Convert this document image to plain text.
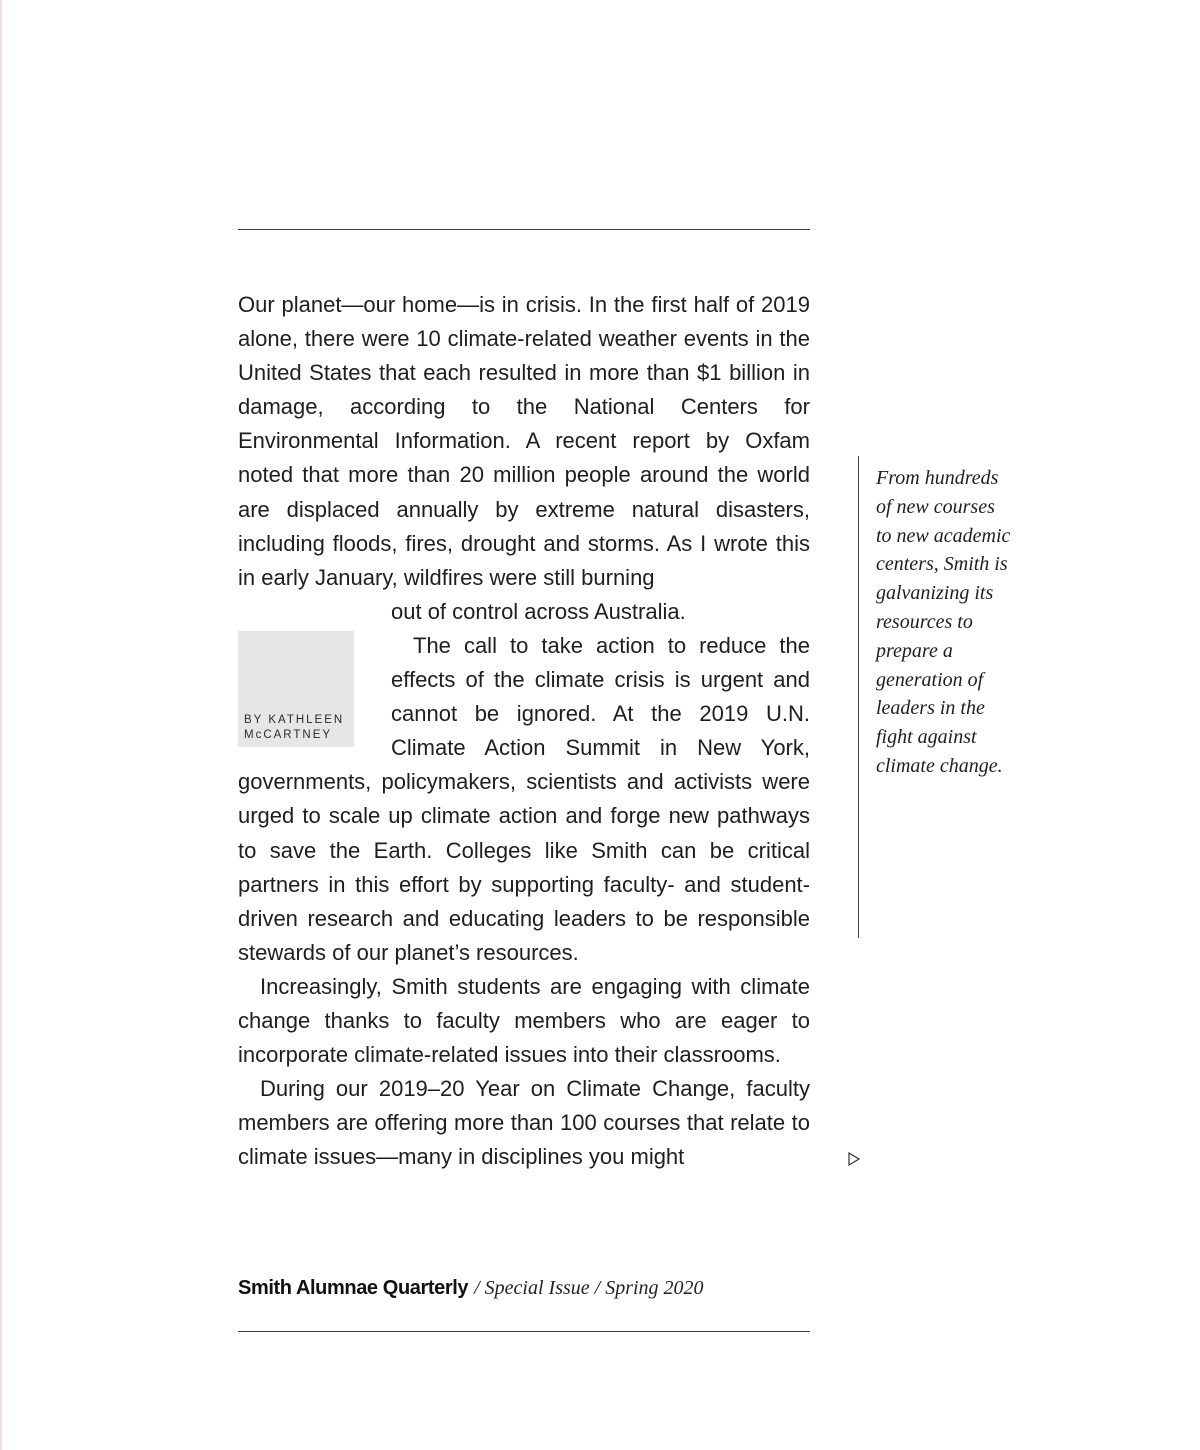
Our planet—our home—is in crisis. In the first half of 2019 alone, there were 10 climate-related weather events in the United States that each resulted in more than $1 billion in damage, according to the National Centers for Environmental Information. A recent report by Oxfam noted that more than 20 million people around the world are displaced annually by extreme natural disasters, including floods, fires, drought and storms. As I wrote this in early January, wildfires were still burning
out of control across Australia.

BY KATHLEEN
McCARTNEY
The call to take action to reduce the effects of the climate crisis is urgent and cannot be ignored. At the 2019 U.N. Climate Action Summit in New York, governments, policymakers, scientists and activists were urged to scale up climate action and forge new pathways to save the Earth. Colleges like Smith can be critical partners in this effort by supporting faculty- and student-driven research and educating leaders to be responsible stewards of our planet’s resources.

Increasingly, Smith students are engaging with climate change thanks to faculty members who are eager to incorporate climate-related issues into their classrooms.

During our 2019–20 Year on Climate Change, faculty members are offering more than 100 courses that relate to climate issues—many in disciplines you might

From hundreds of new courses to new academic centers, Smith is galvanizing its resources to prepare a generation of leaders in the fight against climate change.
Smith Alumnae Quarterly / Special Issue / Spring 2020
